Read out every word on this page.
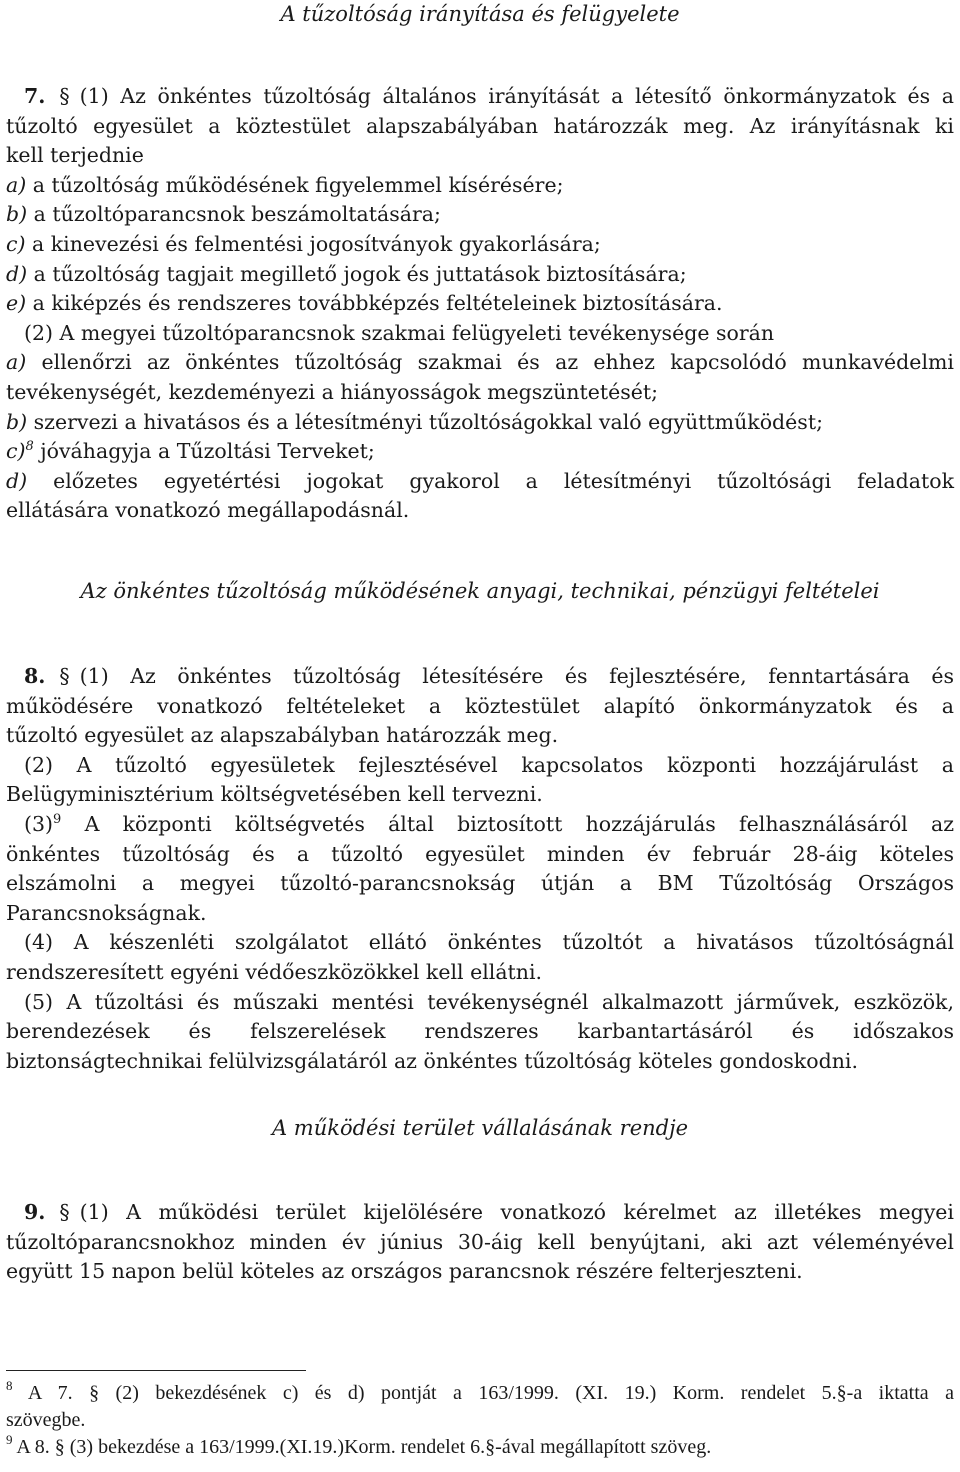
A tűzoltóság irányítása és felügyelete
7. § (1) Az önkéntes tűzoltóság általános irányítását a létesítő önkormányzatok és a
tűzoltó egyesület a köztestület alapszabályában határozzák meg. Az irányításnak ki
kell terjednie
a) a tűzoltóság működésének figyelemmel kísérésére;
b) a tűzoltóparancsnok beszámoltatására;
c) a kinevezési és felmentési jogosítványok gyakorlására;
d) a tűzoltóság tagjait megillető jogok és juttatások biztosítására;
e) a kiképzés és rendszeres továbbképzés feltételeinek biztosítására.
(2) A megyei tűzoltóparancsnok szakmai felügyeleti tevékenysége során
a) ellenőrzi az önkéntes tűzoltóság szakmai és az ehhez kapcsolódó munkavédelmi
tevékenységét, kezdeményezi a hiányosságok megszüntetését;
b) szervezi a hivatásos és a létesítményi tűzoltóságokkal való együttműködést;
c)$^8$ jóváhagyja a Tűzoltási Terveket;
d) előzetes egyetértési jogokat gyakorol a létesítményi tűzoltósági feladatok
ellátására vonatkozó megállapodásnál.
Az önkéntes tűzoltóság működésének anyagi, technikai, pénzügyi feltételei
8. § (1) Az önkéntes tűzoltóság létesítésére és fejlesztésére, fenntartására és
működésére vonatkozó feltételeket a köztestület alapító önkormányzatok és a
tűzoltó egyesület az alapszabályban határozzák meg.
(2) A tűzoltó egyesületek fejlesztésével kapcsolatos központi hozzájárulást a
Belügyminisztérium költségvetésében kell tervezni.
$(3)^9$ A központi költségvetés által biztosított hozzájárulás felhasználásáról az
önkéntes tűzoltóság és a tűzoltó egyesület minden év február 28-áig köteles
elszámolni a megyei tűzoltó-parancsnokság útján a BM Tűzoltóság Országos
Parancsnokságnak.
(4) A készenléti szolgálatot ellátó önkéntes tűzoltót a hivatásos tűzoltóságnál
rendszeresített egyéni védőeszközökkel kell ellátni.
(5) A tűzoltási és műszaki mentési tevékenységnél alkalmazott járművek, eszközök,
berendezések és felszerelések rendszeres karbantartásáról és időszakos
biztonságtechnikai felülvizsgálatáról az önkéntes tűzoltóság köteles gondoskodni.
A működési terület vállalásának rendje
9. § (1) A működési terület kijelölésére vonatkozó kérelmet az illetékes megyei
tűzoltóparancsnokhoz minden év június 30-áig kell benyújtani, aki azt véleményével
együtt 15 napon belül köteles az országos parancsnok részére felterjeszteni.
$^8$ A 7. § (2) bekezdésének c) és d) pontját a 163/1999. (XI. 19.) Korm. rendelet 5.§-a iktatta a
szövegbe.
$^9$ A 8. § (3) bekezdése a 163/1999.(XI.19.)Korm. rendelet 6.§-ával megállapított szöveg.
